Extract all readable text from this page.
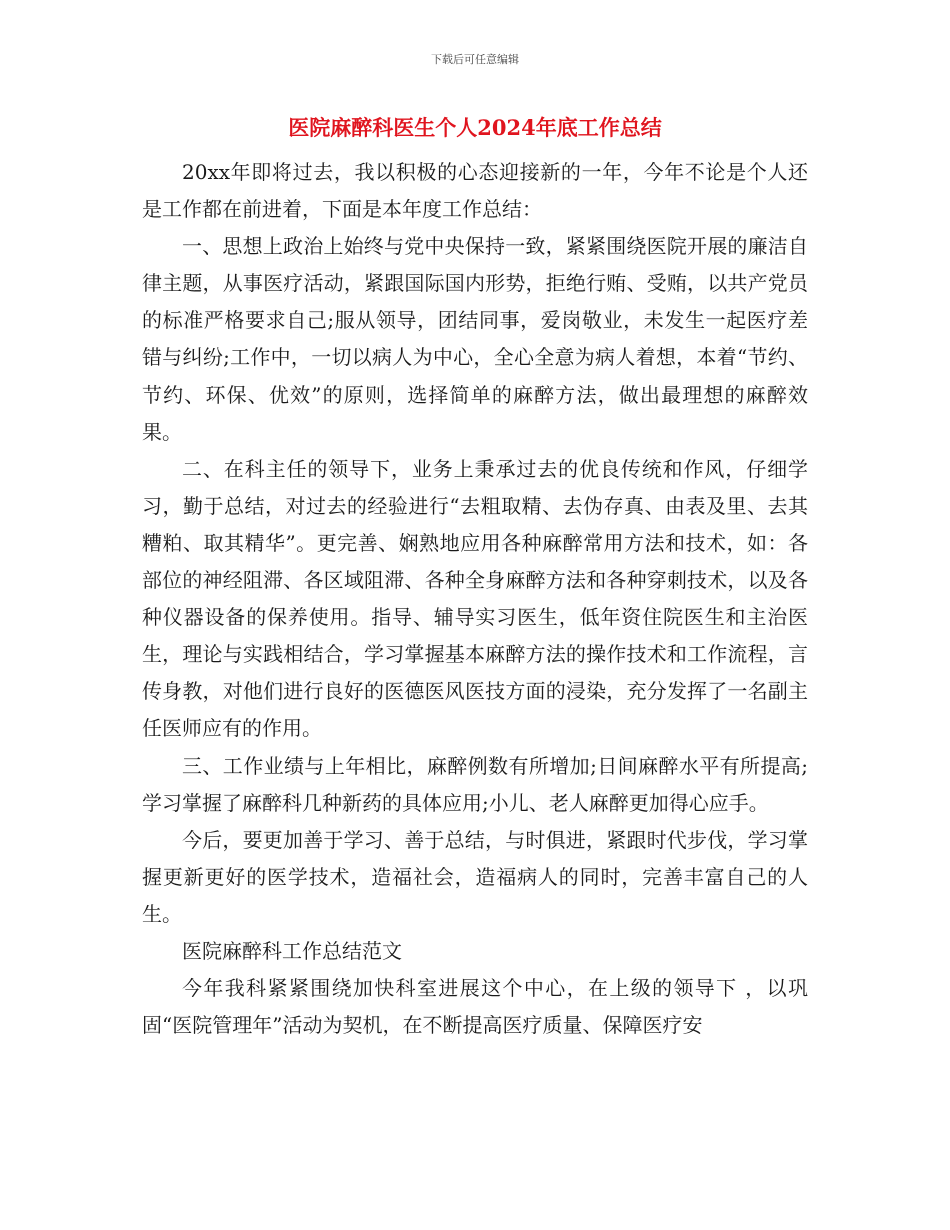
下载后可任意编辑
医院麻醉科医生个人2024年底工作总结

20xx年即将过去，我以积极的心态迎接新的一年，今年不论是个人还是工作都在前进着，下面是本年度工作总结：

一、思想上政治上始终与党中央保持一致，紧紧围绕医院开展的廉洁自律主题，从事医疗活动，紧跟国际国内形势，拒绝行贿、受贿，以共产党员的标准严格要求自己;服从领导，团结同事，爱岗敬业，未发生一起医疗差错与纠纷;工作中，一切以病人为中心，全心全意为病人着想，本着“节约、节约、环保、优效”的原则，选择简单的麻醉方法，做出最理想的麻醉效果。

二、在科主任的领导下，业务上秉承过去的优良传统和作风，仔细学习，勤于总结，对过去的经验进行“去粗取精、去伪存真、由表及里、去其糟粕、取其精华”。更完善、娴熟地应用各种麻醉常用方法和技术，如：各部位的神经阻滞、各区域阻滞、各种全身麻醉方法和各种穿刺技术，以及各种仪器设备的保养使用。指导、辅导实习医生，低年资住院医生和主治医生，理论与实践相结合，学习掌握基本麻醉方法的操作技术和工作流程，言传身教，对他们进行良好的医德医风医技方面的浸染，充分发挥了一名副主任医师应有的作用。

三、工作业绩与上年相比，麻醉例数有所增加;日间麻醉水平有所提高;学习掌握了麻醉科几种新药的具体应用;小儿、老人麻醉更加得心应手。

今后，要更加善于学习、善于总结，与时俱进，紧跟时代步伐，学习掌握更新更好的医学技术，造福社会，造福病人的同时，完善丰富自己的人生。

医院麻醉科工作总结范文

今年我科紧紧围绕加快科室进展这个中心，在上级的领导下 ，以巩固“医院管理年”活动为契机，在不断提高医疗质量、保障医疗安
